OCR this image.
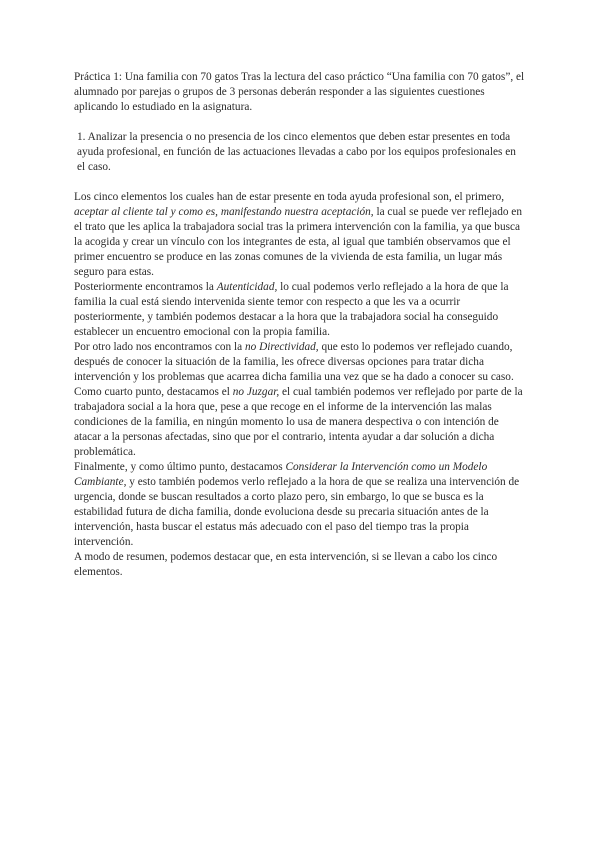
Práctica 1: Una familia con 70 gatos Tras la lectura del caso práctico “Una familia con 70 gatos”, el alumnado por parejas o grupos de 3 personas deberán responder a las siguientes cuestiones aplicando lo estudiado en la asignatura.

1. Analizar la presencia o no presencia de los cinco elementos que deben estar presentes en toda ayuda profesional, en función de las actuaciones llevadas a cabo por los equipos profesionales en el caso.

Los cinco elementos los cuales han de estar presente en toda ayuda profesional son, el primero, aceptar al cliente tal y como es, manifestando nuestra aceptación, la cual se puede ver reflejado en el trato que les aplica la trabajadora social tras la primera intervención con la familia, ya que busca la acogida y crear un vínculo con los integrantes de esta, al igual que también observamos que el primer encuentro se produce en las zonas comunes de la vivienda de esta familia, un lugar más seguro para estas.

Posteriormente encontramos la Autenticidad, lo cual podemos verlo reflejado a la hora de que la familia la cual está siendo intervenida siente temor con respecto a que les va a ocurrir posteriormente, y también podemos destacar a la hora que la trabajadora social ha conseguido establecer un encuentro emocional con la propia familia.

Por otro lado nos encontramos con la no Directividad, que esto lo podemos ver reflejado cuando, después de conocer la situación de la familia, les ofrece diversas opciones para tratar dicha intervención y los problemas que acarrea dicha familia una vez que se ha dado a conocer su caso.

Como cuarto punto, destacamos el no Juzgar, el cual también podemos ver reflejado por parte de la trabajadora social a la hora que, pese a que recoge en el informe de la intervención las malas condiciones de la familia, en ningún momento lo usa de manera despectiva o con intención de atacar a la personas afectadas, sino que por el contrario, intenta ayudar a dar solución a dicha problemática.

Finalmente, y como último punto, destacamos Considerar la Intervención como un Modelo Cambiante, y esto también podemos verlo reflejado a la hora de que se realiza una intervención de urgencia, donde se buscan resultados a corto plazo pero, sin embargo, lo que se busca es la estabilidad futura de dicha familia, donde evoluciona desde su precaria situación antes de la intervención, hasta buscar el estatus más adecuado con el paso del tiempo tras la propia intervención.

A modo de resumen, podemos destacar que, en esta intervención, si se llevan a cabo los cinco elementos.
